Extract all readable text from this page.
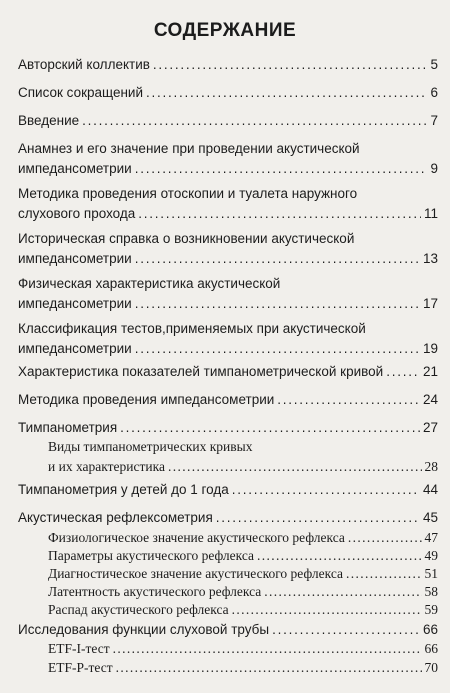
СОДЕРЖАНИЕ
Авторский коллектив . . .	5
Список сокращений . . .	6
Введение . . .	7
Анамнез и его значение при проведении акустической
импедансометрии . . .	9
Методика проведения отоскопии и туалета наружного
слухового прохода . . .	11
Историческая справка о возникновении акустической
импедансометрии . . .	13
Физическая характеристика акустической
импедансометрии . . .	17
Классификация тестов,применяемых при акустической
импедансометрии . . .	19
Характеристика показателей тимпанометрической кривой . . .	21
Методика проведения импедансометрии . . .	24
Тимпанометрия . . .	27
Виды тимпанометрических кривых
и их характеристика . . .	28
Тимпанометрия у детей до 1 года . . .	44
Акустическая рефлексометрия . . .	45
Физиологическое значение акустического рефлекса . . .	47
Параметры акустического рефлекса . . .	49
Диагностическое значение акустического рефлекса . . .	51
Латентность акустического рефлекса . . .	58
Распад акустического рефлекса . . .	59
Исследования функции слуховой трубы . . .	66
ETF-I-тест . . .	66
ETF-P-тест . . .	70
